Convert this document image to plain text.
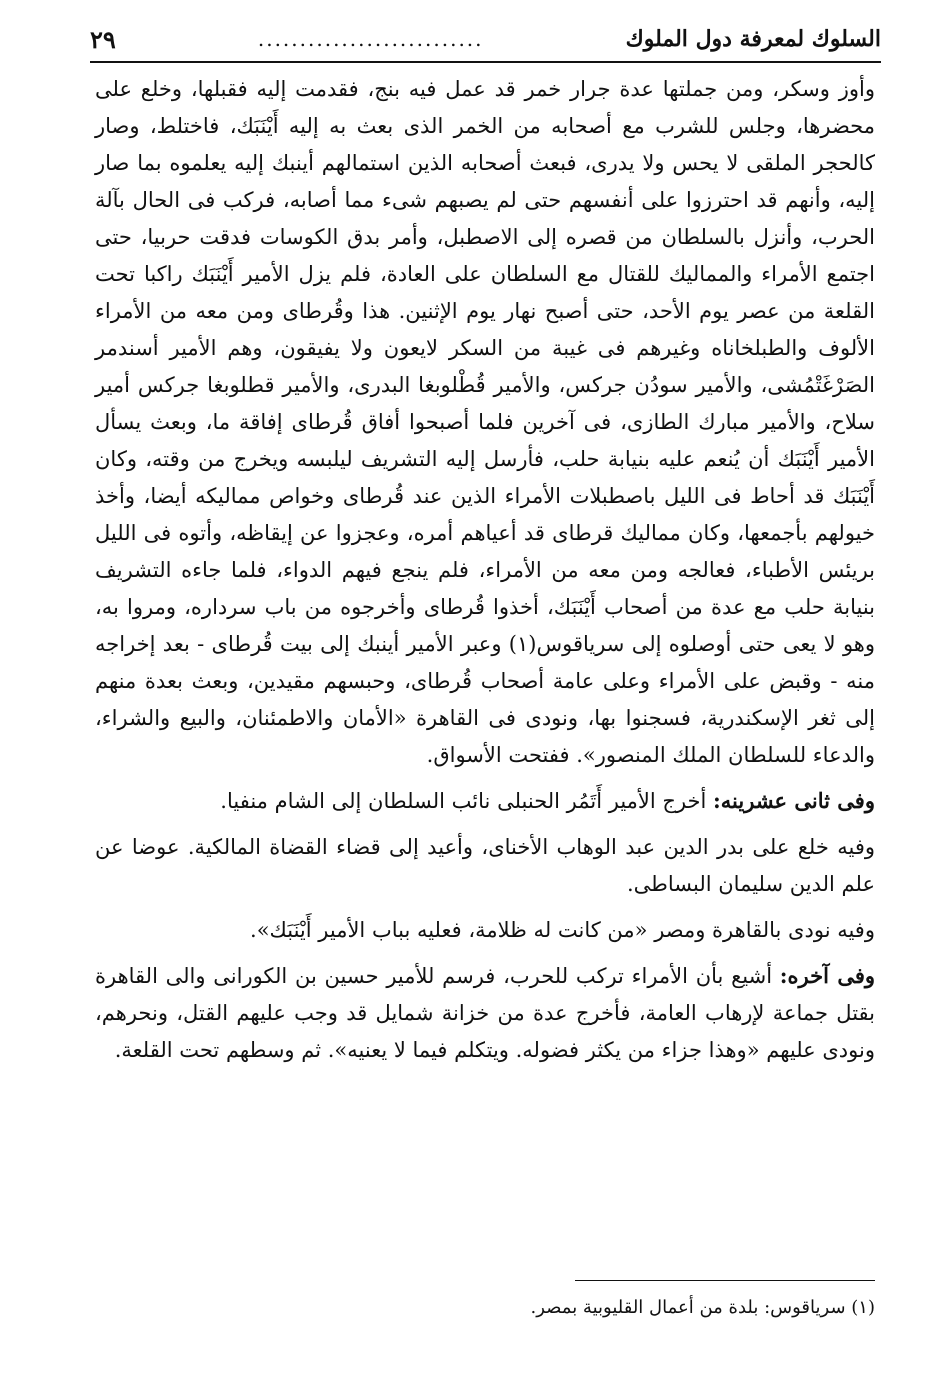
السلوك لمعرفة دول الملوك
...........................
٢٩

وأوز وسكر، ومن جملتها عدة جرار خمر قد عمل فيه بنج، فقدمت إليه فقبلها، وخلع على محضرها، وجلس للشرب مع أصحابه من الخمر الذى بعث به إليه أَيْنَبَك، فاختلط، وصار كالحجر الملقى لا يحس ولا يدرى، فبعث أصحابه الذين استمالهم أينبك إليه يعلموه بما صار إليه، وأنهم قد احترزوا على أنفسهم حتى لم يصبهم شىء مما أصابه، فركب فى الحال بآلة الحرب، وأنزل بالسلطان من قصره إلى الاصطبل، وأمر بدق الكوسات فدقت حربيا، حتى اجتمع الأمراء والمماليك للقتال مع السلطان على العادة، فلم يزل الأمير أَيْنَبَك راكبا تحت القلعة من عصر يوم الأحد، حتى أصبح نهار يوم الإثنين. هذا وقُرطاى ومن معه من الأمراء الألوف والطبلخاناه وغيرهم فى غيبة من السكر لايعون ولا يفيقون، وهم الأمير أسندمر الصَرْغَتْمُشى، والأمير سودُن جركس، والأمير قُطْلوبغا البدرى، والأمير قطلوبغا جركس أمير سلاح، والأمير مبارك الطازى، فى آخرين فلما أصبحوا أفاق قُرطاى إفاقة ما، وبعث يسأل الأمير أَيْنَبَك أن يُنعم عليه بنيابة حلب، فأرسل إليه التشريف ليلبسه ويخرج من وقته، وكان أَيْنَبَك قد أحاط فى الليل باصطبلات الأمراء الذين عند قُرطاى وخواص مماليكه أيضا، وأخذ خيولهم بأجمعها، وكان مماليك قرطاى قد أعياهم أمره، وعجزوا عن إيقاظه، وأتوه فى الليل بريئس الأطباء، فعالجه ومن معه من الأمراء، فلم ينجع فيهم الدواء، فلما جاءه التشريف بنيابة حلب مع عدة من أصحاب أَيْنَبَك، أخذوا قُرطاى وأخرجوه من باب سرداره، ومروا به، وهو لا يعى حتى أوصلوه إلى سرياقوس(١) وعبر الأمير أينبك إلى بيت قُرطاى - بعد إخراجه منه - وقبض على الأمراء وعلى عامة أصحاب قُرطاى، وحبسهم مقيدين، وبعث بعدة منهم إلى ثغر الإسكندرية، فسجنوا بها، ونودى فى القاهرة «الأمان والاطمئنان، والبيع والشراء، والدعاء للسلطان الملك المنصور». ففتحت الأسواق.

وفى ثانى عشرينه: أخرج الأمير أَتَمُر الحنبلى نائب السلطان إلى الشام منفيا.

وفيه خلع على بدر الدين عبد الوهاب الأخناى، وأعيد إلى قضاء القضاة المالكية. عوضا عن علم الدين سليمان البساطى.

وفيه نودى بالقاهرة ومصر «من كانت له ظلامة، فعليه بباب الأمير أَيْنَبَك».

وفى آخره: أشيع بأن الأمراء تركب للحرب، فرسم للأمير حسين بن الكورانى والى القاهرة بقتل جماعة لإرهاب العامة، فأخرج عدة من خزانة شمايل قد وجب عليهم القتل، ونحرهم، ونودى عليهم «وهذا جزاء من يكثر فضوله. ويتكلم فيما لا يعنيه». ثم وسطهم تحت القلعة.

(١) سرياقوس: بلدة من أعمال القليوبية بمصر.
